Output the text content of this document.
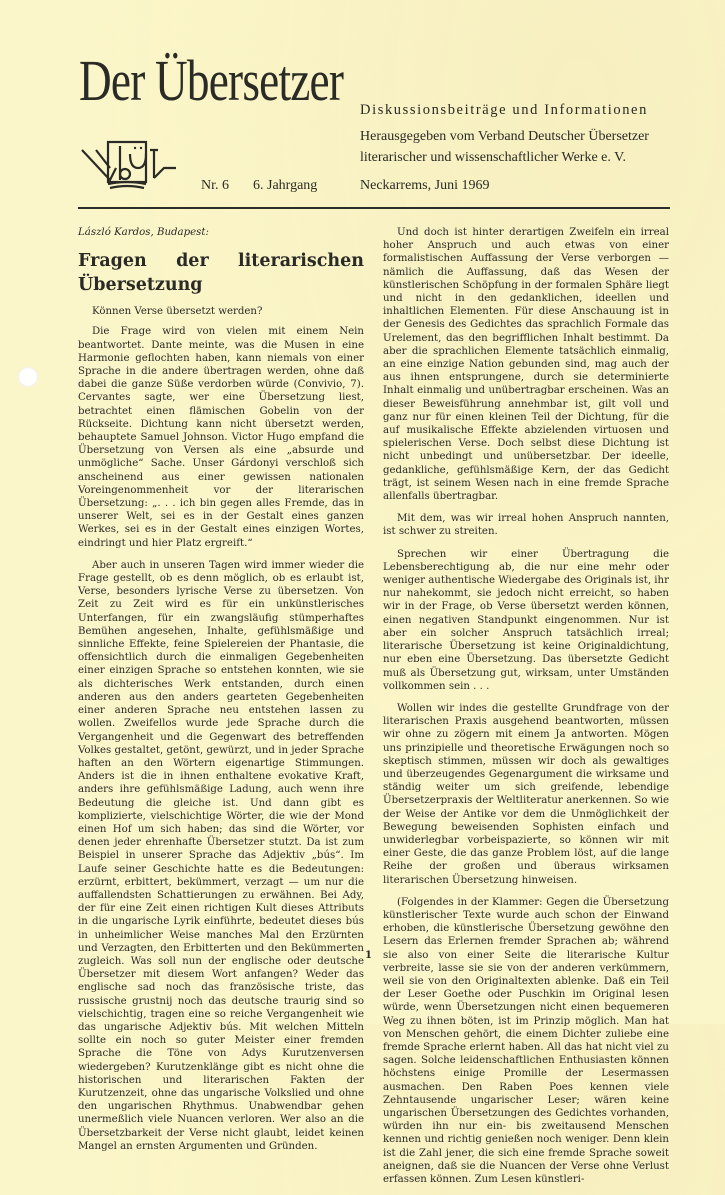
Der Übersetzer Diskussionsbeiträge und Informationen
Herausgegeben vom Verband Deutscher Übersetzer
literarischer und wissenschaftlicher Werke e. V.
Nr. 6 6. Jahrgang	Neckarrems, Juni 1969
László Kardos, Budapest:
Fragen der literarischen Übersetzung
Können Verse übersetzt werden?

Die Frage wird von vielen mit einem Nein beantwortet. Dante meinte, was die Musen in eine Harmonie geflochten haben, kann niemals von einer Sprache in die andere übertragen werden, ohne daß dabei die ganze Süße verdorben würde (Convivio, 7). Cervantes sagte, wer eine Übersetzung liest, betrachtet einen flämischen Gobelin von der Rückseite. Dichtung kann nicht übersetzt werden, behauptete Samuel Johnson. Victor Hugo empfand die Übersetzung von Versen als eine „absurde und unmögliche“ Sache. Unser Gárdonyi verschloß sich anscheinend aus einer gewissen nationalen Voreingenommenheit vor der literarischen Übersetzung: „. . . ich bin gegen alles Fremde, das in unserer Welt, sei es in der Gestalt eines ganzen Werkes, sei es in der Gestalt eines einzigen Wortes, eindringt und hier Platz ergreift.“

Aber auch in unseren Tagen wird immer wieder die Frage gestellt, ob es denn möglich, ob es erlaubt ist, Verse, besonders lyrische Verse zu übersetzen. Von Zeit zu Zeit wird es für ein unkünstlerisches Unterfangen, für ein zwangsläufig stümperhaftes Bemühen angesehen, Inhalte, gefühlsmäßige und sinnliche Effekte, feine Spielereien der Phantasie, die offensichtlich durch die einmaligen Gegebenheiten einer einzigen Sprache so entstehen konnten, wie sie als dichterisches Werk entstanden, durch einen anderen aus den anders gearteten Gegebenheiten einer anderen Sprache neu entstehen lassen zu wollen. Zweifellos wurde jede Sprache durch die Vergangenheit und die Gegenwart des betreffenden Volkes gestaltet, getönt, gewürzt, und in jeder Sprache haften an den Wörtern eigenartige Stimmungen. Anders ist die in ihnen enthaltene evokative Kraft, anders ihre gefühlsmäßige Ladung, auch wenn ihre Bedeutung die gleiche ist. Und dann gibt es komplizierte, vielschichtige Wörter, die wie der Mond einen Hof um sich haben; das sind die Wörter, vor denen jeder ehrenhafte Übersetzer stutzt. Da ist zum Beispiel in unserer Sprache das Adjektiv „bús“. Im Laufe seiner Geschichte hatte es die Bedeutungen: erzürnt, erbittert, bekümmert, verzagt — um nur die auffallendsten Schattierungen zu erwähnen. Bei Ady, der für eine Zeit einen richtigen Kult dieses Attributs in die ungarische Lyrik einführte, bedeutet dieses bús in unheimlicher Weise manches Mal den Erzürnten und Verzagten, den Erbitterten und den Bekümmerten zugleich. Was soll nun der englische oder deutsche Übersetzer mit diesem Wort anfangen? Weder das englische sad noch das französische triste, das russische grustnij noch das deutsche traurig sind so vielschichtig, tragen eine so reiche Vergangenheit wie das ungarische Adjektiv bús. Mit welchen Mitteln sollte ein noch so guter Meister einer fremden Sprache die Töne von Adys Kurutzenversen wiedergeben? Kurutzenklänge gibt es nicht ohne die historischen und literarischen Fakten der Kurutzenzeit, ohne das ungarische Volkslied und ohne den ungarischen Rhythmus. Unabwendbar gehen unermeßlich viele Nuancen verloren. Wer also an die Übersetzbarkeit der Verse nicht glaubt, leidet keinen Mangel an ernsten Argumenten und Gründen.

Und doch ist hinter derartigen Zweifeln ein irreal hoher Anspruch und auch etwas von einer formalistischen Auffassung der Verse verborgen — nämlich die Auffassung, daß das Wesen der künstlerischen Schöpfung in der formalen Sphäre liegt und nicht in den gedanklichen, ideellen und inhaltlichen Elementen. Für diese Anschauung ist in der Genesis des Gedichtes das sprachlich Formale das Urelement, das den begrifflichen Inhalt bestimmt. Da aber die sprachlichen Elemente tatsächlich einmalig, an eine einzige Nation gebunden sind, mag auch der aus ihnen entsprungene, durch sie determinierte Inhalt einmalig und unübertragbar erscheinen. Was an dieser Beweisführung annehmbar ist, gilt voll und ganz nur für einen kleinen Teil der Dichtung, für die auf musikalische Effekte abzielenden virtuosen und spielerischen Verse. Doch selbst diese Dichtung ist nicht unbedingt und unübersetzbar. Der ideelle, gedankliche, gefühlsmäßige Kern, der das Gedicht trägt, ist seinem Wesen nach in eine fremde Sprache allenfalls übertragbar.

Mit dem, was wir irreal hohen Anspruch nannten, ist schwer zu streiten.

Sprechen wir einer Übertragung die Lebensberechtigung ab, die nur eine mehr oder weniger authentische Wiedergabe des Originals ist, ihr nur nahekommt, sie jedoch nicht erreicht, so haben wir in der Frage, ob Verse übersetzt werden können, einen negativen Standpunkt eingenommen. Nur ist aber ein solcher Anspruch tatsächlich irreal; literarische Übersetzung ist keine Originaldichtung, nur eben eine Übersetzung. Das übersetzte Gedicht muß als Übersetzung gut, wirksam, unter Umständen vollkommen sein . . .

Wollen wir indes die gestellte Grundfrage von der literarischen Praxis ausgehend beantworten, müssen wir ohne zu zögern mit einem Ja antworten. Mögen uns prinzipielle und theoretische Erwägungen noch so skeptisch stimmen, müssen wir doch als gewaltiges und überzeugendes Gegenargument die wirksame und ständig weiter um sich greifende, lebendige Übersetzerpraxis der Weltliteratur anerkennen. So wie der Weise der Antike vor dem die Unmöglichkeit der Bewegung beweisenden Sophisten einfach und unwiderlegbar vorbeispazierte, so können wir mit einer Geste, die das ganze Problem löst, auf die lange Reihe der großen und überaus wirksamen literarischen Übersetzung hinweisen.

(Folgendes in der Klammer: Gegen die Übersetzung künstlerischer Texte wurde auch schon der Einwand erhoben, die künstlerische Übersetzung gewöhne den Lesern das Erlernen fremder Sprachen ab; während sie also von einer Seite die literarische Kultur verbreite, lasse sie sie von der anderen verkümmern, weil sie von den Originaltexten ablenke. Daß ein Teil der Leser Goethe oder Puschkin im Original lesen würde, wenn Übersetzungen nicht einen bequemeren Weg zu ihnen böten, ist im Prinzip möglich. Man hat von Menschen gehört, die einem Dichter zuliebe eine fremde Sprache erlernt haben. All das hat nicht viel zu sagen. Solche leidenschaftlichen Enthusiasten können höchstens einige Promille der Lesermassen ausmachen. Den Raben Poes kennen viele Zehntausende ungarischer Leser; wären keine ungarischen Übersetzungen des Gedichtes vorhanden, würden ihn nur ein- bis zweitausend Menschen kennen und richtig genießen noch weniger. Denn klein ist die Zahl jener, die sich eine fremde Sprache soweit aneignen, daß sie die Nuancen der Verse ohne Verlust erfassen können. Zum Lesen künstleri-

1
